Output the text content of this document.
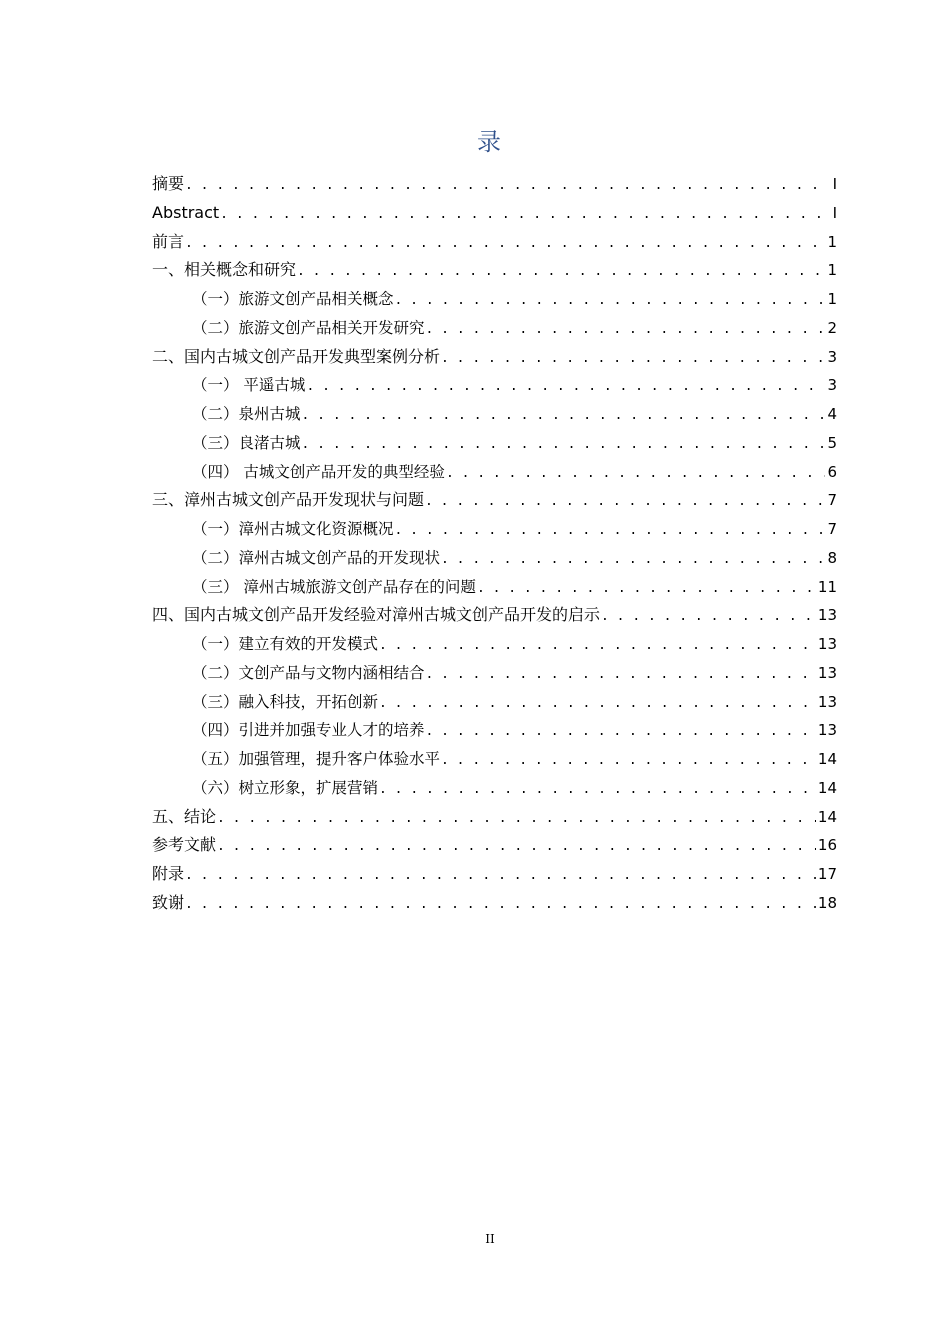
录
摘要 . . .	I
Abstract . . .	I
前言 . . .	1
一、相关概念和研究 . . .	1
（一）旅游文创产品相关概念 . . .	1
（二）旅游文创产品相关开发研究 . . .	2
二、国内古城文创产品开发典型案例分析 . . .	3
（一） 平遥古城 . . .	3
（二）泉州古城 . . .	4
（三）良渚古城 . . .	5
（四） 古城文创产品开发的典型经验 . . .	6
三、漳州古城文创产品开发现状与问题 . . .	7
（一）漳州古城文化资源概况 . . .	7
（二）漳州古城文创产品的开发现状 . . .	8
（三） 漳州古城旅游文创产品存在的问题 . . .	11
四、国内古城文创产品开发经验对漳州古城文创产品开发的启示 . . .	13
（一）建立有效的开发模式 . . .	13
（二）文创产品与文物内涵相结合 . . .	13
（三）融入科技，开拓创新 . . .	13
（四）引进并加强专业人才的培养 . . .	13
（五）加强管理，提升客户体验水平 . . .	14
（六）树立形象，扩展营销 . . .	14
五、结论 . . .	14
参考文献 . . .	16
附录 . . .	17
致谢 . . .	18
II
